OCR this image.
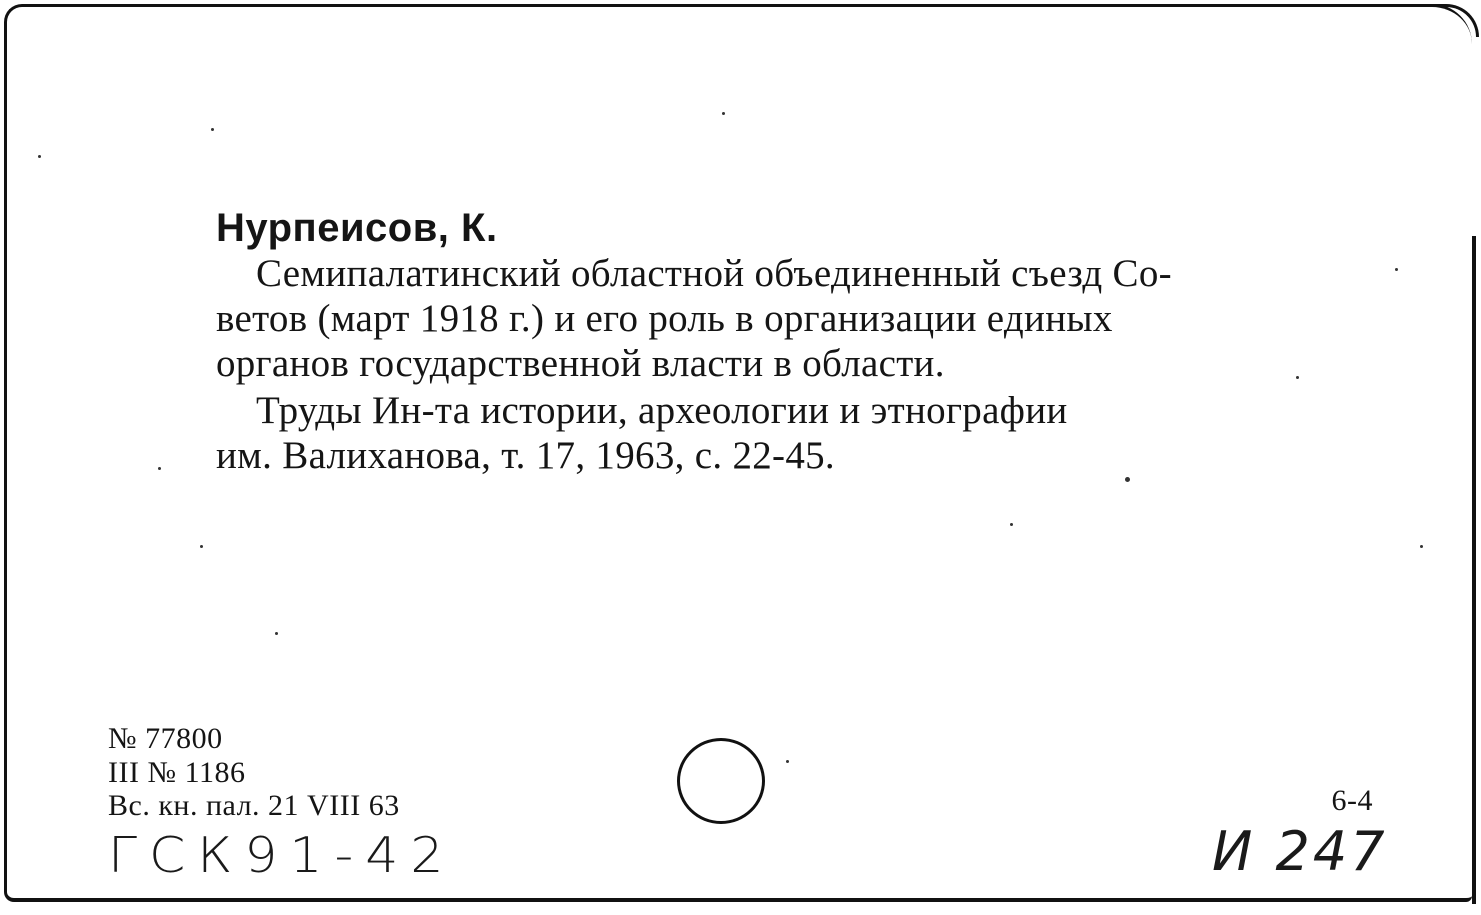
Нурпеисов, К.
Семипалатинский областной объединенный съезд Со-
ветов (март 1918 г.) и его роль в организации единых
органов государственной власти в области.
Труды Ин-та истории, археологии и этнографии
им. Валиханова, т. 17, 1963, с. 22-45.
№ 77800
III № 1186
Вс. кн. пал. 21 VIII 63	6-4
ГСК91-42	И 247
